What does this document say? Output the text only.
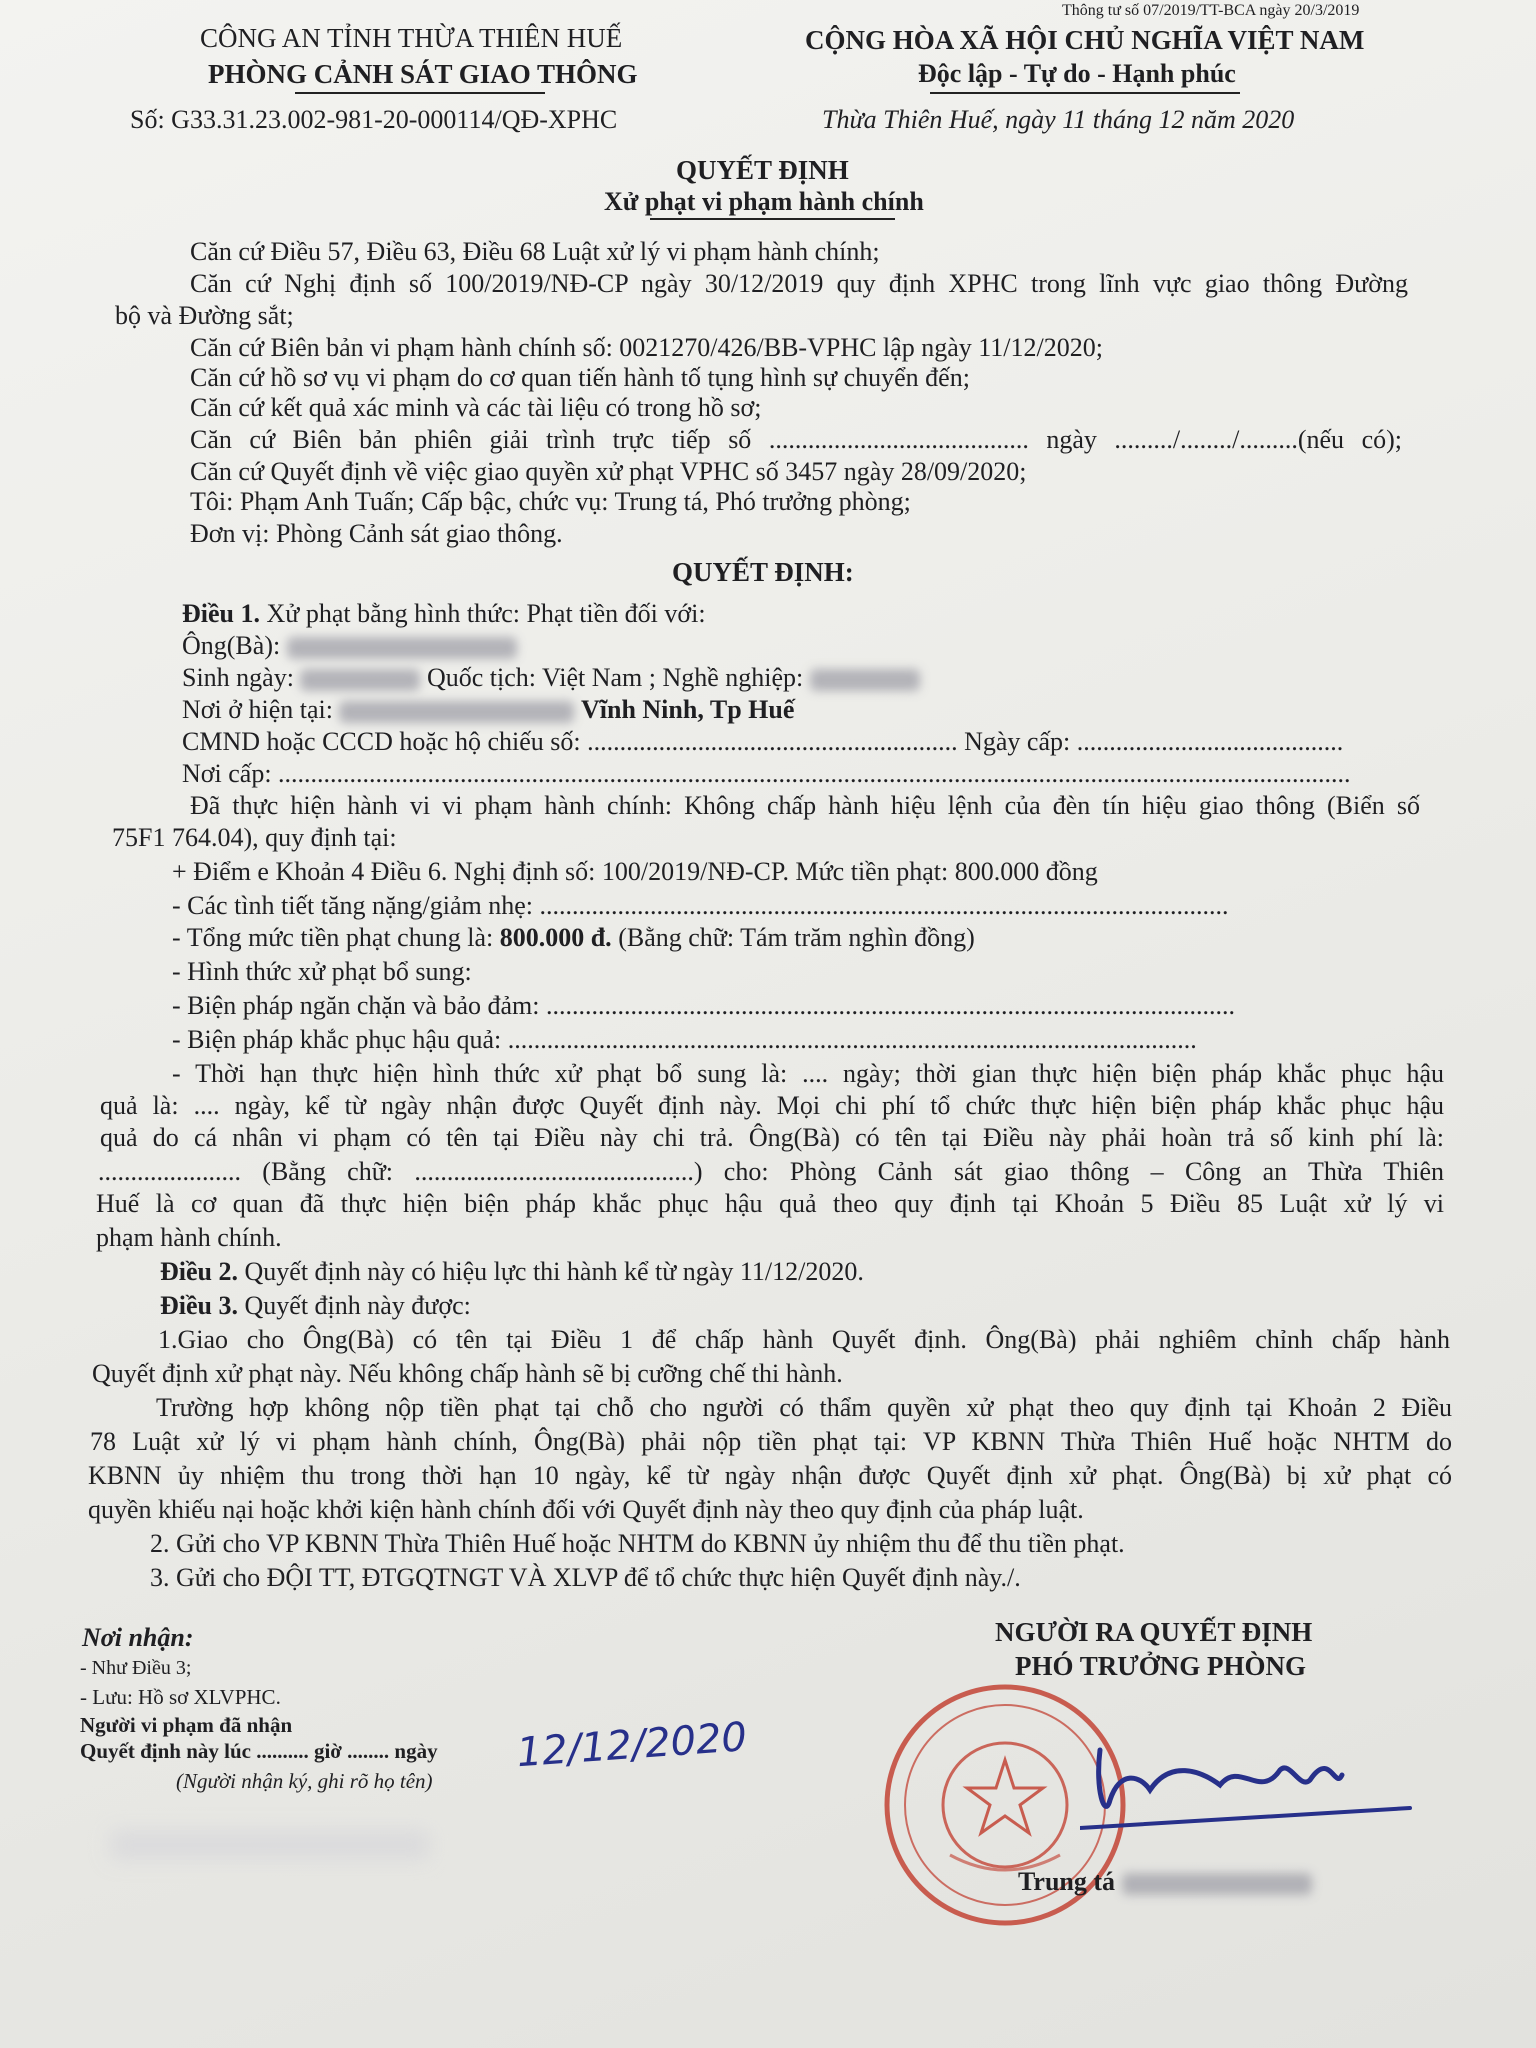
Thông tư số 07/2019/TT-BCA ngày 20/3/2019
CÔNG AN TỈNH THỪA THIÊN HUẾ
PHÒNG CẢNH SÁT GIAO THÔNG
CỘNG HÒA XÃ HỘI CHỦ NGHĨA VIỆT NAM
Độc lập - Tự do - Hạnh phúc
Số: G33.31.23.002-981-20-000114/QĐ-XPHC	Thừa Thiên Huế, ngày 11 tháng 12 năm 2020
QUYẾT ĐỊNH
Xử phạt vi phạm hành chính
Căn cứ Điều 57, Điều 63, Điều 68 Luật xử lý vi phạm hành chính;
Căn cứ Nghị định số 100/2019/NĐ-CP ngày 30/12/2019 quy định XPHC trong lĩnh vực giao thông Đường
bộ và Đường sắt;
Căn cứ Biên bản vi phạm hành chính số: 0021270/426/BB-VPHC lập ngày 11/12/2020;
Căn cứ hồ sơ vụ vi phạm do cơ quan tiến hành tố tụng hình sự chuyển đến;
Căn cứ kết quả xác minh và các tài liệu có trong hồ sơ;
Căn cứ Biên bản phiên giải trình trực tiếp số ........................................ ngày ........./......../.........(nếu có);
Căn cứ Quyết định về việc giao quyền xử phạt VPHC số 3457 ngày 28/09/2020;
Tôi: Phạm Anh Tuấn; Cấp bậc, chức vụ: Trung tá, Phó trưởng phòng;
Đơn vị: Phòng Cảnh sát giao thông.
QUYẾT ĐỊNH:
Điều 1. Xử phạt bằng hình thức: Phạt tiền đối với:
Ông(Bà):
Sinh ngày:	Quốc tịch: Việt Nam ; Nghề nghiệp:
Nơi ở hiện tại:	Vĩnh Ninh, Tp Huế
CMND hoặc CCCD hoặc hộ chiếu số: ......................................................... Ngày cấp: .........................................
Nơi cấp: .....................................................................................................................................................................
Đã thực hiện hành vi vi phạm hành chính: Không chấp hành hiệu lệnh của đèn tín hiệu giao thông (Biển số
75F1 764.04), quy định tại:
+ Điểm e Khoản 4 Điều 6. Nghị định số: 100/2019/NĐ-CP. Mức tiền phạt: 800.000 đồng
- Các tình tiết tăng nặng/giảm nhẹ: ..........................................................................................................
- Tổng mức tiền phạt chung là: 800.000 đ. (Bằng chữ: Tám trăm nghìn đồng)
- Hình thức xử phạt bổ sung:
- Biện pháp ngăn chặn và bảo đảm: ..........................................................................................................
- Biện pháp khắc phục hậu quả: ..........................................................................................................
- Thời hạn thực hiện hình thức xử phạt bổ sung là: .... ngày; thời gian thực hiện biện pháp khắc phục hậu
quả là: .... ngày, kể từ ngày nhận được Quyết định này. Mọi chi phí tổ chức thực hiện biện pháp khắc phục hậu
quả do cá nhân vi phạm có tên tại Điều này chi trả. Ông(Bà) có tên tại Điều này phải hoàn trả số kinh phí là:
...................... (Bằng chữ: ...........................................) cho: Phòng Cảnh sát giao thông – Công an Thừa Thiên
Huế là cơ quan đã thực hiện biện pháp khắc phục hậu quả theo quy định tại Khoản 5 Điều 85 Luật xử lý vi
phạm hành chính.
Điều 2. Quyết định này có hiệu lực thi hành kể từ ngày 11/12/2020.
Điều 3. Quyết định này được:
1.Giao cho Ông(Bà) có tên tại Điều 1 để chấp hành Quyết định. Ông(Bà) phải nghiêm chỉnh chấp hành
Quyết định xử phạt này. Nếu không chấp hành sẽ bị cưỡng chế thi hành.
Trường hợp không nộp tiền phạt tại chỗ cho người có thẩm quyền xử phạt theo quy định tại Khoản 2 Điều
78 Luật xử lý vi phạm hành chính, Ông(Bà) phải nộp tiền phạt tại: VP KBNN Thừa Thiên Huế hoặc NHTM do
KBNN ủy nhiệm thu trong thời hạn 10 ngày, kể từ ngày nhận được Quyết định xử phạt. Ông(Bà) bị xử phạt có
quyền khiếu nại hoặc khởi kiện hành chính đối với Quyết định này theo quy định của pháp luật.
2. Gửi cho VP KBNN Thừa Thiên Huế hoặc NHTM do KBNN ủy nhiệm thu để thu tiền phạt.
3. Gửi cho ĐỘI TT, ĐTGQTNGT VÀ XLVP để tổ chức thực hiện Quyết định này./.
Nơi nhận:
- Như Điều 3;
- Lưu: Hồ sơ XLVPHC.
Người vi phạm đã nhận
Quyết định này lúc .......... giờ ........ ngày
(Người nhận ký, ghi rõ họ tên)
12/12/2020
NGƯỜI RA QUYẾT ĐỊNH
PHÓ TRƯỞNG PHÒNG
Trung tá
